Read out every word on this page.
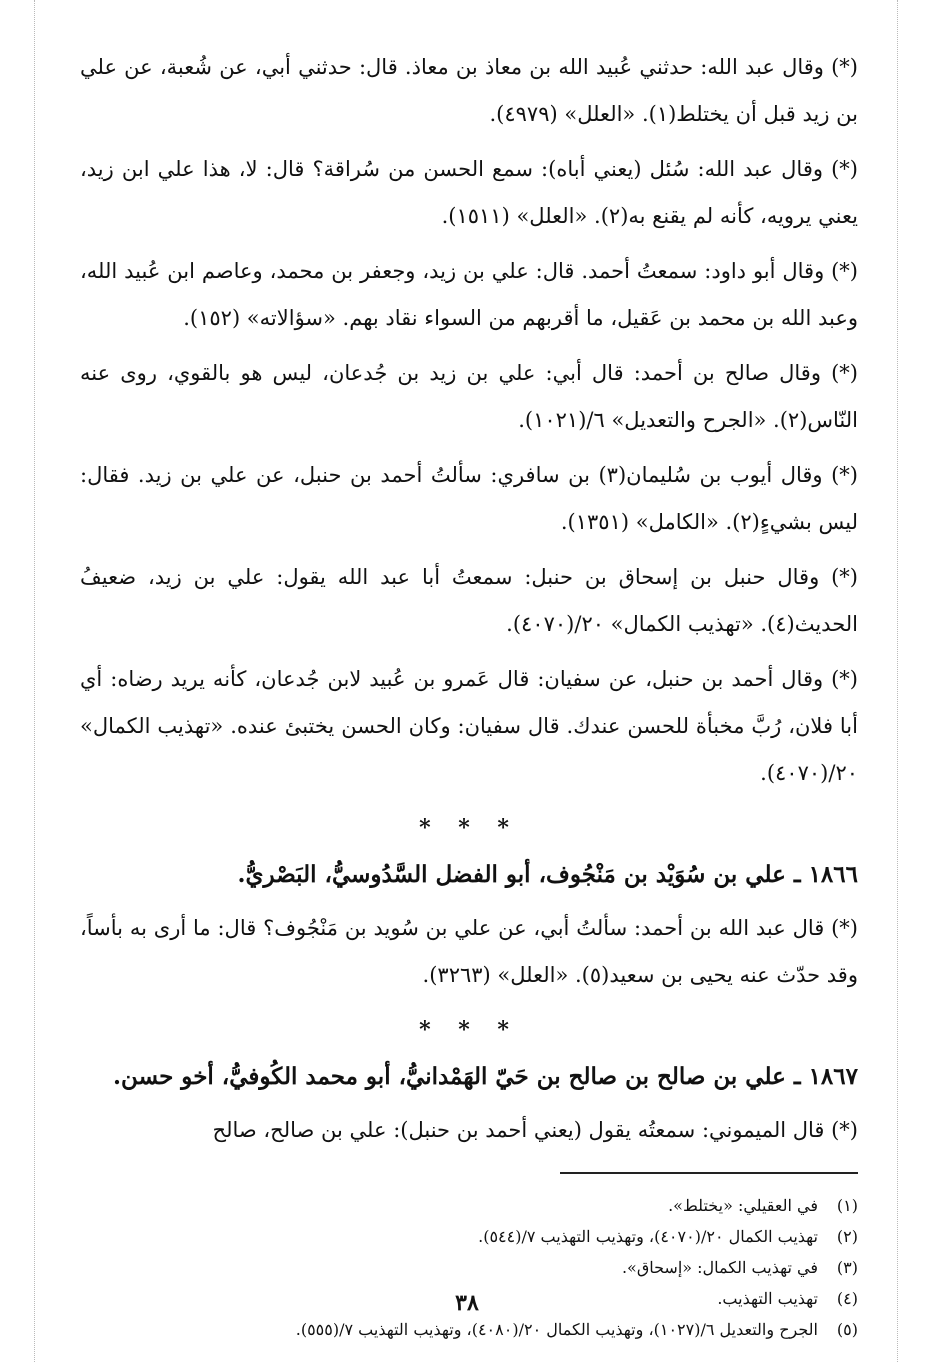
(*) وقال عبد الله: حدثني عُبيد الله بن معاذ بن معاذ. قال: حدثني أبي، عن شُعبة، عن علي بن زيد قبل أن يختلط(١). «العلل» (٤٩٧٩).

(*) وقال عبد الله: سُئل (يعني أباه): سمع الحسن من سُراقة؟ قال: لا، هذا علي ابن زيد، يعني يرويه، كأنه لم يقنع به(٢). «العلل» (١٥١١).

(*) وقال أبو داود: سمعتُ أحمد. قال: علي بن زيد، وجعفر بن محمد، وعاصم ابن عُبيد الله، وعبد الله بن محمد بن عَقيل، ما أقربهم من السواء نقاد بهم. «سؤالاته» (١٥٢).

(*) وقال صالح بن أحمد: قال أبي: علي بن زيد بن جُدعان، ليس هو بالقوي، روى عنه النّاس(٢). «الجرح والتعديل» ٦/(١٠٢١).

(*) وقال أيوب بن سُليمان(٣) بن سافري: سألتُ أحمد بن حنبل، عن علي بن زيد. فقال: ليس بشيءٍ(٢). «الكامل» (١٣٥١).

(*) وقال حنبل بن إسحاق بن حنبل: سمعتُ أبا عبد الله يقول: علي بن زيد، ضعيفُ الحديث(٤). «تهذيب الكمال» ٢٠/(٤٠٧٠).

(*) وقال أحمد بن حنبل، عن سفيان: قال عَمرو بن عُبيد لابن جُدعان، كأنه يريد رضاه: أي أبا فلان، رُبَّ مخبأة للحسن عندك. قال سفيان: وكان الحسن يختبئ عنده. «تهذيب الكمال» ٢٠/(٤٠٧٠).

* * *
١٨٦٦ ـ علي بن سُوَيْد بن مَنْجُوف، أبو الفضل السَّدُوسيُّ، البَصْريُّ.

(*) قال عبد الله بن أحمد: سألتُ أبي، عن علي بن سُويد بن مَنْجُوف؟ قال: ما أرى به بأساً، وقد حدّث عنه يحيى بن سعيد(٥). «العلل» (٣٢٦٣).

* * *
١٨٦٧ ـ علي بن صالح بن صالح بن حَيّ الهَمْدانيُّ، أبو محمد الكُوفيُّ، أخو حسن.

(*) قال الميموني: سمعتُه يقول (يعني أحمد بن حنبل): علي بن صالح، صالح

(١)
في العقيلي: «يختلط».
(٢)
تهذيب الكمال ٢٠/(٤٠٧٠)، وتهذيب التهذيب ٧/(٥٤٤).
(٣)
في تهذيب الكمال: «إسحاق».
(٤)
تهذيب التهذيب.
(٥)
الجرح والتعديل ٦/(١٠٢٧)، وتهذيب الكمال ٢٠/(٤٠٨٠)، وتهذيب التهذيب ٧/(٥٥٥).
٣٨
